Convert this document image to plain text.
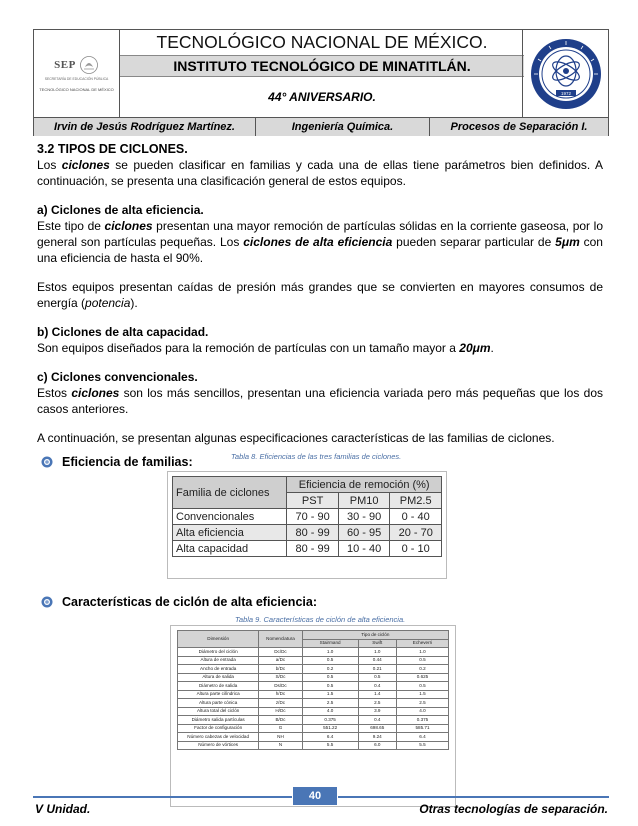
SEP
SECRETARÍA DE EDUCACIÓN PÚBLICA
TECNOLÓGICO NACIONAL DE MÉXICO
TECNOLÓGICO NACIONAL DE MÉXICO.
INSTITUTO TECNOLÓGICO DE MINATITLÁN.
44° ANIVERSARIO.	1972
Irvin de Jesús Rodríguez Martínez.	Ingeniería Química.	Procesos de Separación I.
3.2 TIPOS DE CICLONES.

Los ciclones se pueden clasificar en familias y cada una de ellas tiene parámetros bien definidos. A continuación, se presenta una clasificación general de estos equipos.

a) Ciclones de alta eficiencia.

Este tipo de ciclones presentan una mayor remoción de partículas sólidas en la corriente gaseosa, por lo general son partículas pequeñas. Los ciclones de alta eficiencia pueden separar particular de 5μm con una eficiencia de hasta el 90%.

Estos equipos presentan caídas de presión más grandes que se convierten en mayores consumos de energía (potencia).

b) Ciclones de alta capacidad.

Son equipos diseñados para la remoción de partículas con un tamaño mayor a 20μm.

c) Ciclones convencionales.

Estos ciclones son los más sencillos, presentan una eficiencia variada pero más pequeñas que los dos casos anteriores.

A continuación, se presentan algunas especificaciones características de las familias de ciclones.

Eficiencia de familias:	Tabla 8. Eficiencias de las tres familias de ciclones.
Familia de ciclones	Eficiencia de remoción (%)		
	PST	PM10	PM2.5
Convencionales	70 - 90	30 - 90	0 - 40
Alta eficiencia	80 - 99	60 - 95	20 - 70
Alta capacidad	80 - 99	10 - 40	0 - 10
Características de ciclón de alta eficiencia:
Tabla 9. Características de ciclón de alta eficiencia.
Dimensión	Nomenclatura	Tipo de ciclón		
		Stairmand	Swift	Echeverri
Diámetro del ciclón	Dc/Dc	1.0	1.0	1.0
Altura de entrada	a/Dc	0.5	0.44	0.5
Ancho de entrada	b/Dc	0.2	0.21	0.2
Altura de salida	S/Dc	0.5	0.5	0.625
Diámetro de salida	Ds/Dc	0.5	0.4	0.5
Altura parte cilíndrica	h/Dc	1.5	1.4	1.5
Altura parte cónica	z/Dc	2.5	2.5	2.5
Altura total del ciclón	H/Dc	4.0	3.9	4.0
Diámetro salida partículas	B/Dc	0.375	0.4	0.375
Factor de configuración	G	551.22	698.65	585.71
Número cabezas de velocidad	NH	6.4	9.24	6.4
Número de vórtices	N	5.5	6.0	5.5
40
V Unidad.	Otras tecnologías de separación.
